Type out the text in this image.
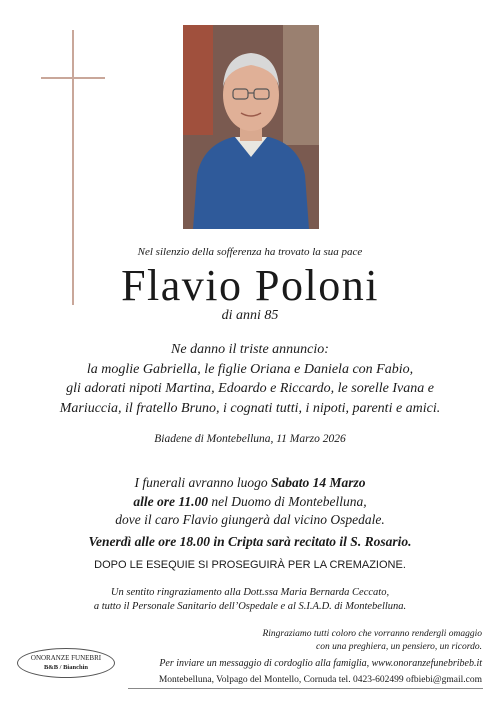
Nel silenzio della sofferenza ha trovato la sua pace
Flavio Poloni
di anni 85
Ne danno il triste annuncio:
la moglie Gabriella, le figlie Oriana e Daniela con Fabio,
gli adorati nipoti Martina, Edoardo e Riccardo, le sorelle Ivana e
Mariuccia, il fratello Bruno, i cognati tutti, i nipoti, parenti e amici.
Biadene di Montebelluna, 11 Marzo 2026
I funerali avranno luogo Sabato 14 Marzo
alle ore 11.00 nel Duomo di Montebelluna,
dove il caro Flavio giungerà dal vicino Ospedale.
Venerdì alle ore 18.00 in Cripta sarà recitato il S. Rosario.
DOPO LE ESEQUIE SI PROSEGUIRÀ PER LA CREMAZIONE.
Un sentito ringraziamento alla Dott.ssa Maria Bernarda Ceccato,
a tutto il Personale Sanitario dell’Ospedale e al S.I.A.D. di Montebelluna.
Ringraziamo tutti coloro che vorranno rendergli omaggio
con una preghiera, un pensiero, un ricordo.
ONORANZE FUNEBRI
B&B / Bianchin	Per inviare un messaggio di cordoglio alla famiglia, www.onoranzefunebribeb.it
Montebelluna, Volpago del Montello, Cornuda tel. 0423-602499 ofbiebi@gmail.com
